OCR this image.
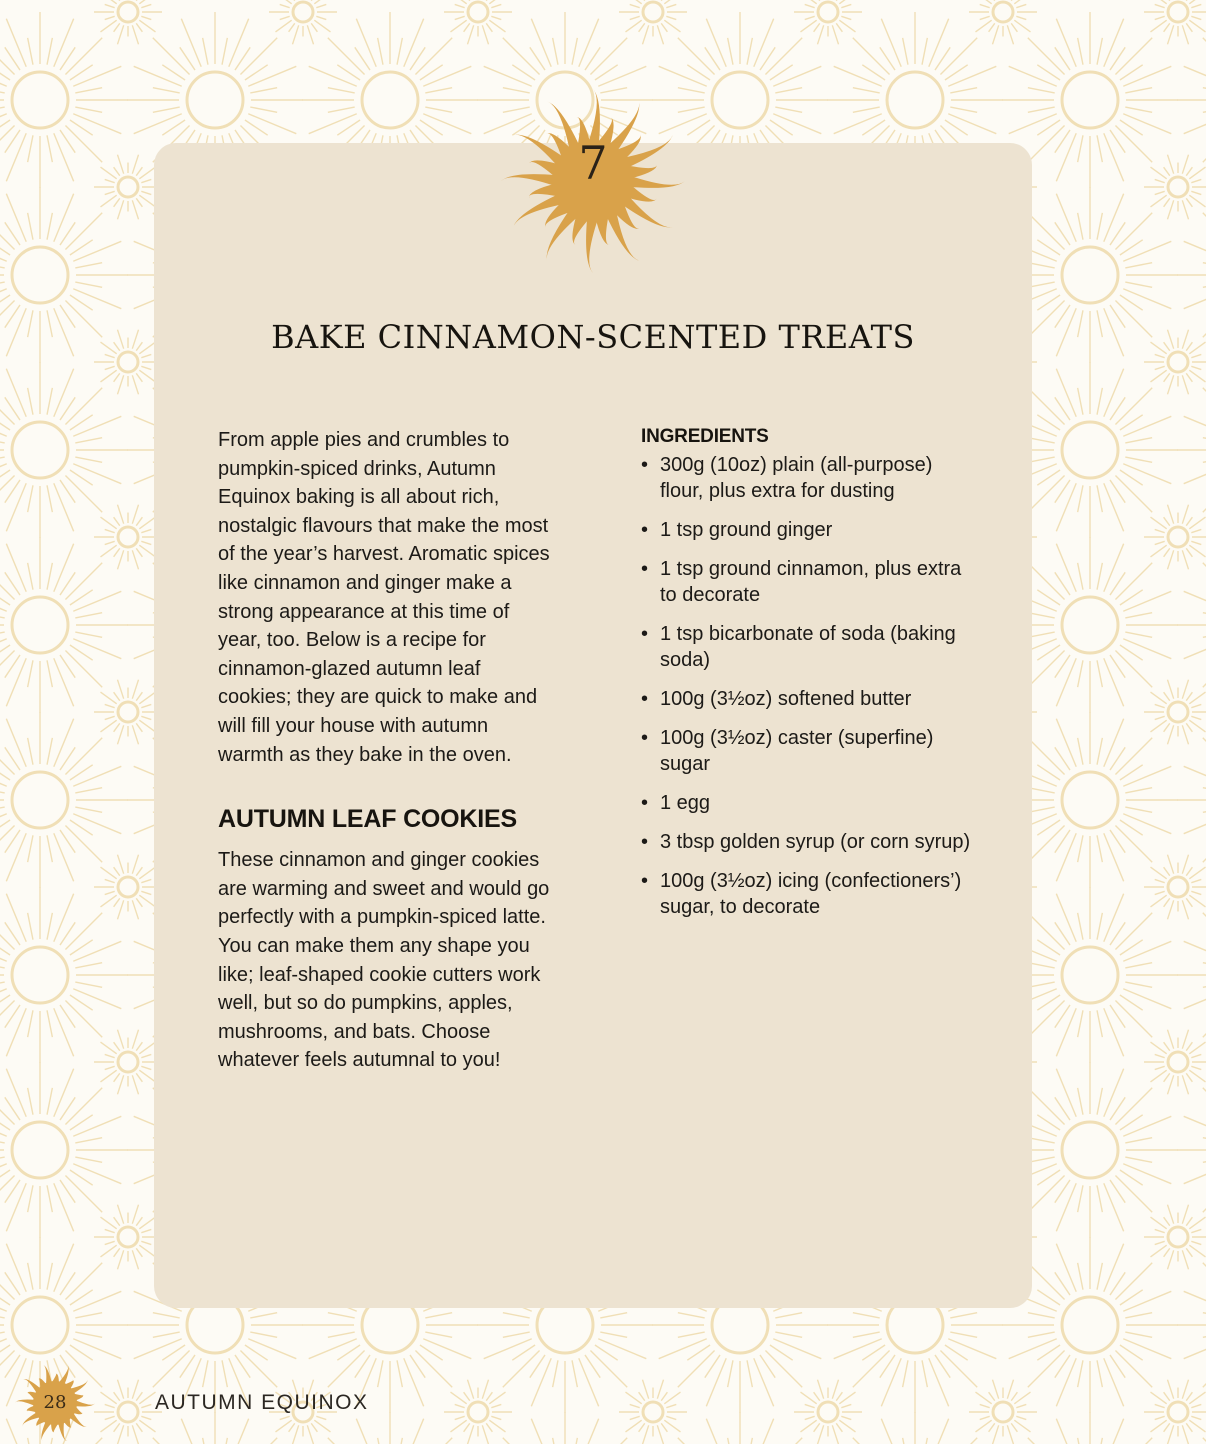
7
BAKE CINNAMON-SCENTED TREATS

From apple pies and crumbles to pumpkin-spiced drinks, Autumn Equinox baking is all about rich, nostalgic flavours that make the most of the year’s harvest. Aromatic spices like cinnamon and ginger make a strong appearance at this time of year, too. Below is a recipe for cinnamon-glazed autumn leaf cookies; they are quick to make and will fill your house with autumn warmth as they bake in the oven.

AUTUMN LEAF COOKIES

These cinnamon and ginger cookies are warming and sweet and would go perfectly with a pumpkin-spiced latte. You can make them any shape you like; leaf-shaped cookie cutters work well, but so do pumpkins, apples, mushrooms, and bats. Choose whatever feels autumnal to you!

INGREDIENTS
• 300g (10oz) plain (all-purpose) flour, plus extra for dusting
• 1 tsp ground ginger
• 1 tsp ground cinnamon, plus extra to decorate
• 1 tsp bicarbonate of soda (baking soda)
• 100g (3½oz) softened butter
• 100g (3½oz) caster (superfine) sugar
• 1 egg
• 3 tbsp golden syrup (or corn syrup)
• 100g (3½oz) icing (confectioners’) sugar, to decorate
28	AUTUMN EQUINOX
